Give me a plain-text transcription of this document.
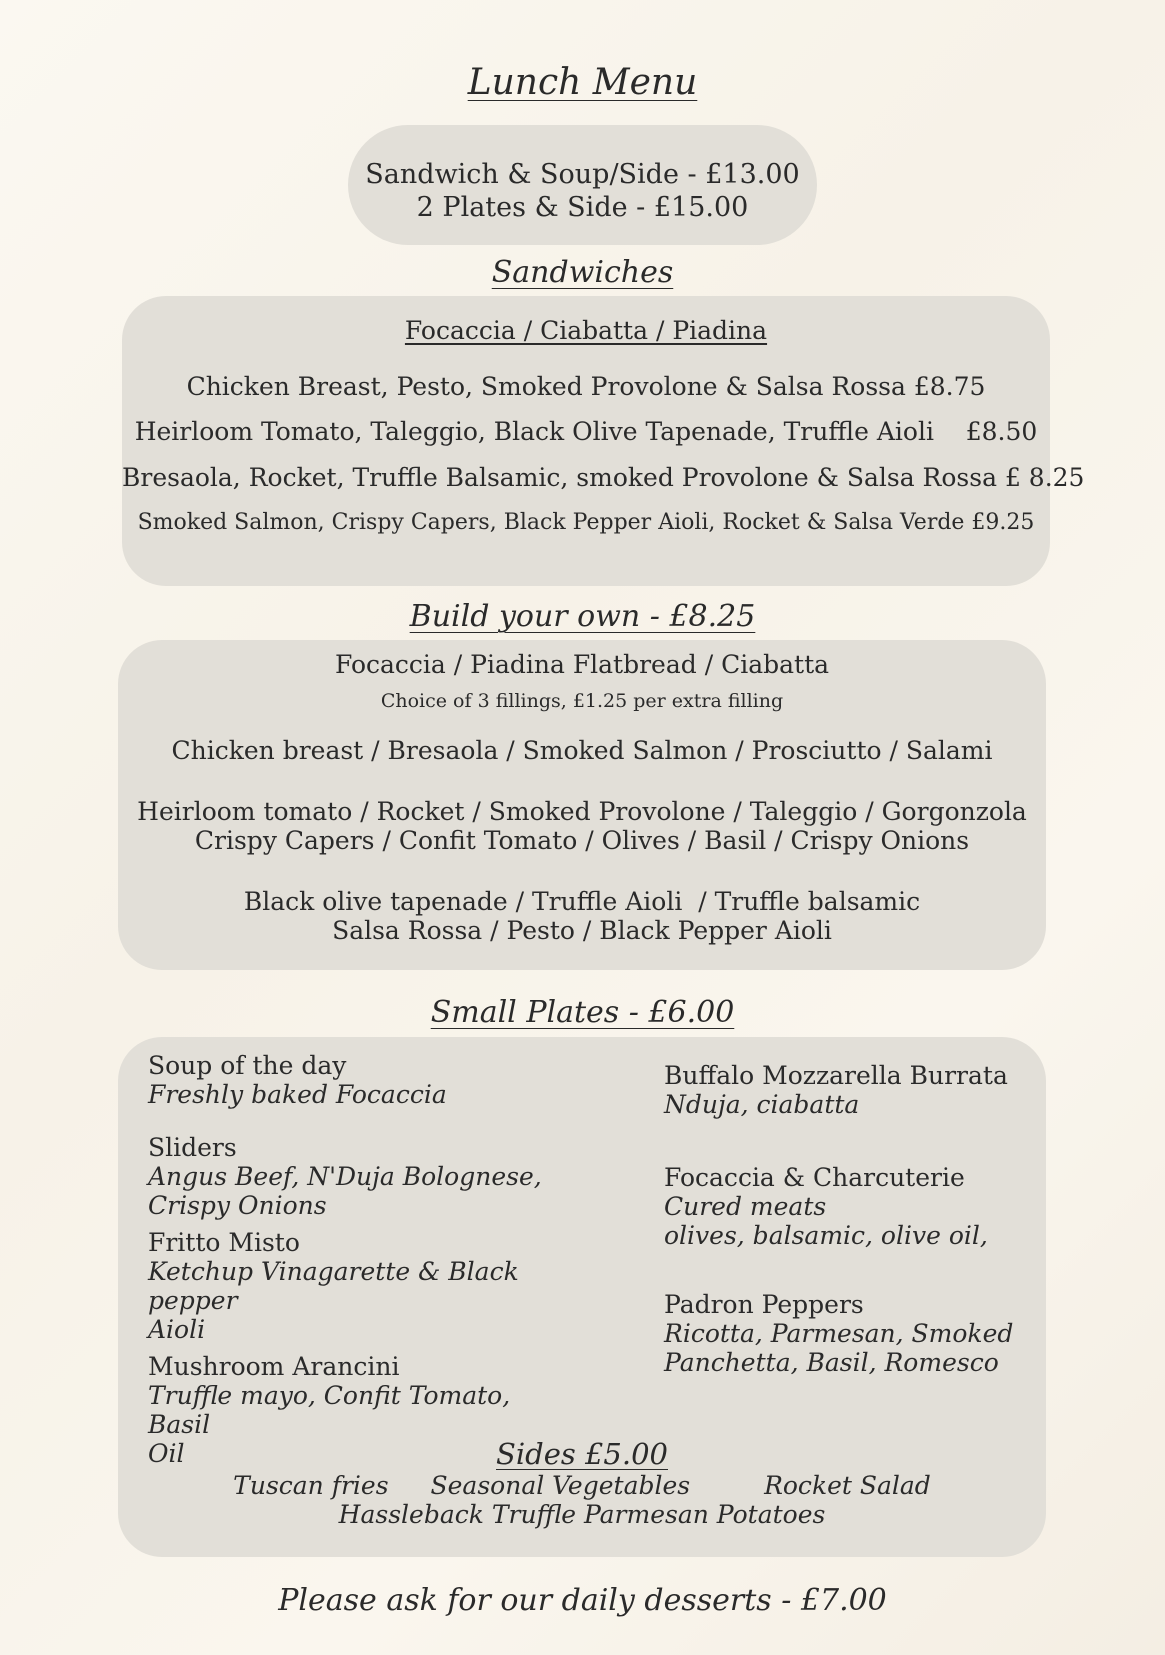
Lunch Menu
Sandwich & Soup/Side - £13.00
2 Plates & Side - £15.00
Sandwiches
Focaccia / Ciabatta / Piadina
Chicken Breast, Pesto, Smoked Provolone & Salsa Rossa £8.75
Heirloom Tomato, Taleggio, Black Olive Tapenade, Truffle Aioli    £8.50
Bresaola, Rocket, Truffle Balsamic, smoked Provolone & Salsa Rossa £ 8.25
Smoked Salmon, Crispy Capers, Black Pepper Aioli, Rocket & Salsa Verde £9.25
Build your own - £8.25
Focaccia / Piadina Flatbread / Ciabatta
Choice of 3 fillings, £1.25 per extra filling
Chicken breast / Bresaola / Smoked Salmon / Prosciutto / Salami
Heirloom tomato / Rocket / Smoked Provolone / Taleggio / Gorgonzola
Crispy Capers / Confit Tomato / Olives / Basil / Crispy Onions
Black olive tapenade / Truffle Aioli  / Truffle balsamic
Salsa Rossa / Pesto / Black Pepper Aioli
Small Plates - £6.00
Soup of the day
Freshly baked Focaccia
Sliders
Angus Beef, N'Duja Bolognese,
Crispy Onions
Fritto Misto
Ketchup Vinagarette & Black pepper
Aioli
Mushroom Arancini
Truffle mayo, Confit Tomato, Basil
Oil
Buffalo Mozzarella Burrata
Nduja, ciabatta
Focaccia & Charcuterie
Cured meats
olives, balsamic, olive oil,
Padron Peppers
Ricotta, Parmesan, Smoked
Panchetta, Basil, Romesco
Sides £5.00
Tuscan fries Seasonal Vegetables	Rocket Salad
Hassleback Truffle Parmesan Potatoes
Please ask for our daily desserts - £7.00
